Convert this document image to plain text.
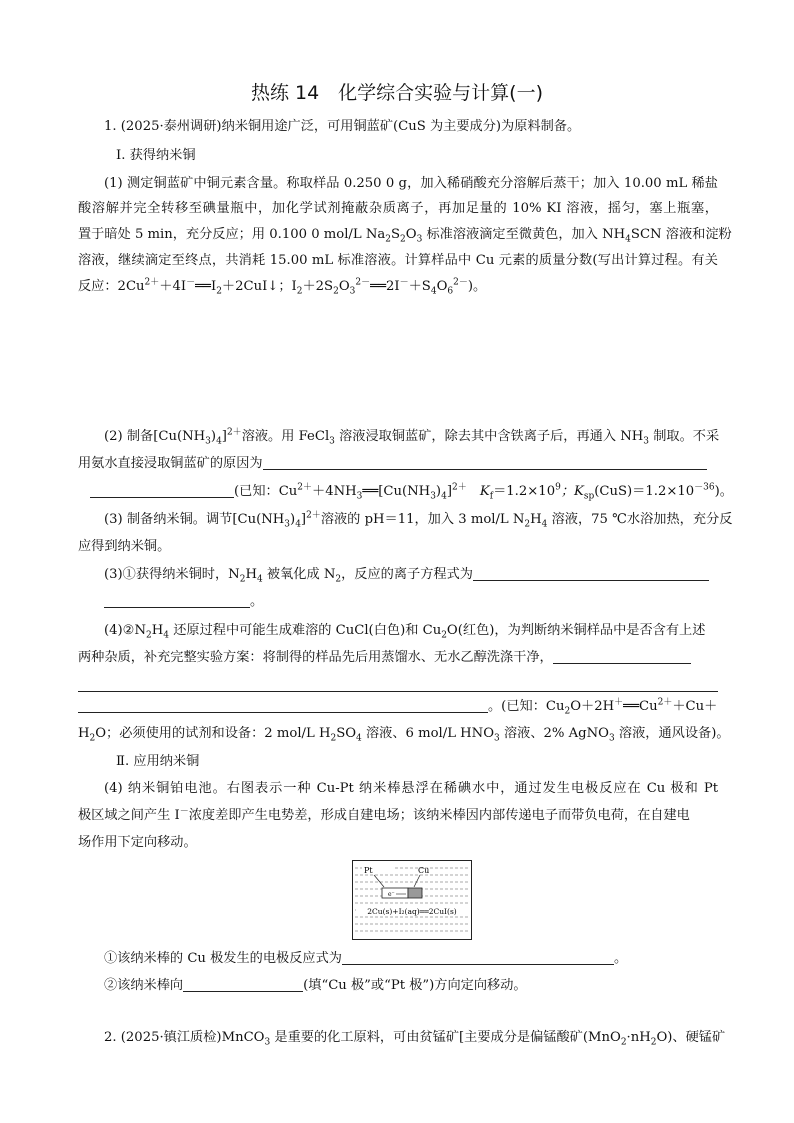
热练 14　化学综合实验与计算(一)
1. (2025·泰州调研)纳米铜用途广泛，可用铜蓝矿(CuS 为主要成分)为原料制备。
Ⅰ. 获得纳米铜
(1) 测定铜蓝矿中铜元素含量。称取样品 0.250 0 g，加入稀硝酸充分溶解后蒸干；加入 10.00 mL 稀盐
酸溶解并完全转移至碘量瓶中，加化学试剂掩蔽杂质离子，再加足量的 10% KI 溶液，摇匀，塞上瓶塞，
置于暗处 5 min，充分反应；用 0.100 0 mol/L $Na_2S_2O_3$ 标准溶液滴定至微黄色，加入 $NH_4SCN$ 溶液和淀粉
溶液，继续滴定至终点，共消耗 15.00 mL 标准溶液。计算样品中 Cu 元素的质量分数(写出计算过程。有关
反应：$2Cu^{2+}+4I^-══I_2+2CuI↓$；$I_2+2S_2O_3^{2-}══2I^-+S_4O_6^{2-}$)。
(2) 制备$[Cu(NH_3)_4]^{2+}$溶液。用 FeCl$_3$ 溶液浸取铜蓝矿，除去其中含铁离子后，再通入 $NH_3$ 制取。不采
用氨水直接浸取铜蓝矿的原因为
(已知：$Cu^{2+}+4NH_3══[Cu(NH_3)_4]^{2+}$　$K_f=1.2\times 10^9$；$K_{sp}(CuS)=1.2\times 10^{-36}$)。
(3) 制备纳米铜。调节$[Cu(NH_3)_4]^{2+}$溶液的 pH＝11，加入 3 mol/L $N_2H_4$ 溶液，75 ℃水浴加热，充分反
应得到纳米铜。
(3)①获得纳米铜时，$N_2H_4$ 被氧化成 $N_2$，反应的离子方程式为
。
$(4)②N_2H_4$ 还原过程中可能生成难溶的 CuCl(白色)和 $Cu_2O$(红色)，为判断纳米铜样品中是否含有上述
两种杂质，补充完整实验方案：将制得的样品先后用蒸馏水、无水乙醇洗涤干净，
。(已知：$Cu_2O+2H^+══Cu^{2+}+Cu+$
$H_2O$；必须使用的试剂和设备：2 mol/L $H_2SO_4$ 溶液、6 mol/L $HNO_3$ 溶液、2% AgNO$_3$ 溶液，通风设备)。
Ⅱ. 应用纳米铜
(4) 纳米铜铂电池。右图表示一种 Cu-Pt 纳米棒悬浮在稀碘水中，通过发生电极反应在 Cu 极和 Pt
极区域之间产生 I－浓度差即产生电势差，形成自建电场；该纳米棒因内部传递电子而带负电荷，在自建电
场作用下定向移动。
Pt	Cu
e⁻
2Cu(s)+I₂(aq)══2CuI(s)
①该纳米棒的 Cu 极发生的电极反应式为	。
②该纳米棒向	(填“Cu 极”或“Pt 极”)方向定向移动。
2. (2025·镇江质检)MnCO$_3$ 是重要的化工原料，可由贫锰矿[主要成分是偏锰酸矿$(MnO_2\cdot nH_2O)$、硬锰矿
